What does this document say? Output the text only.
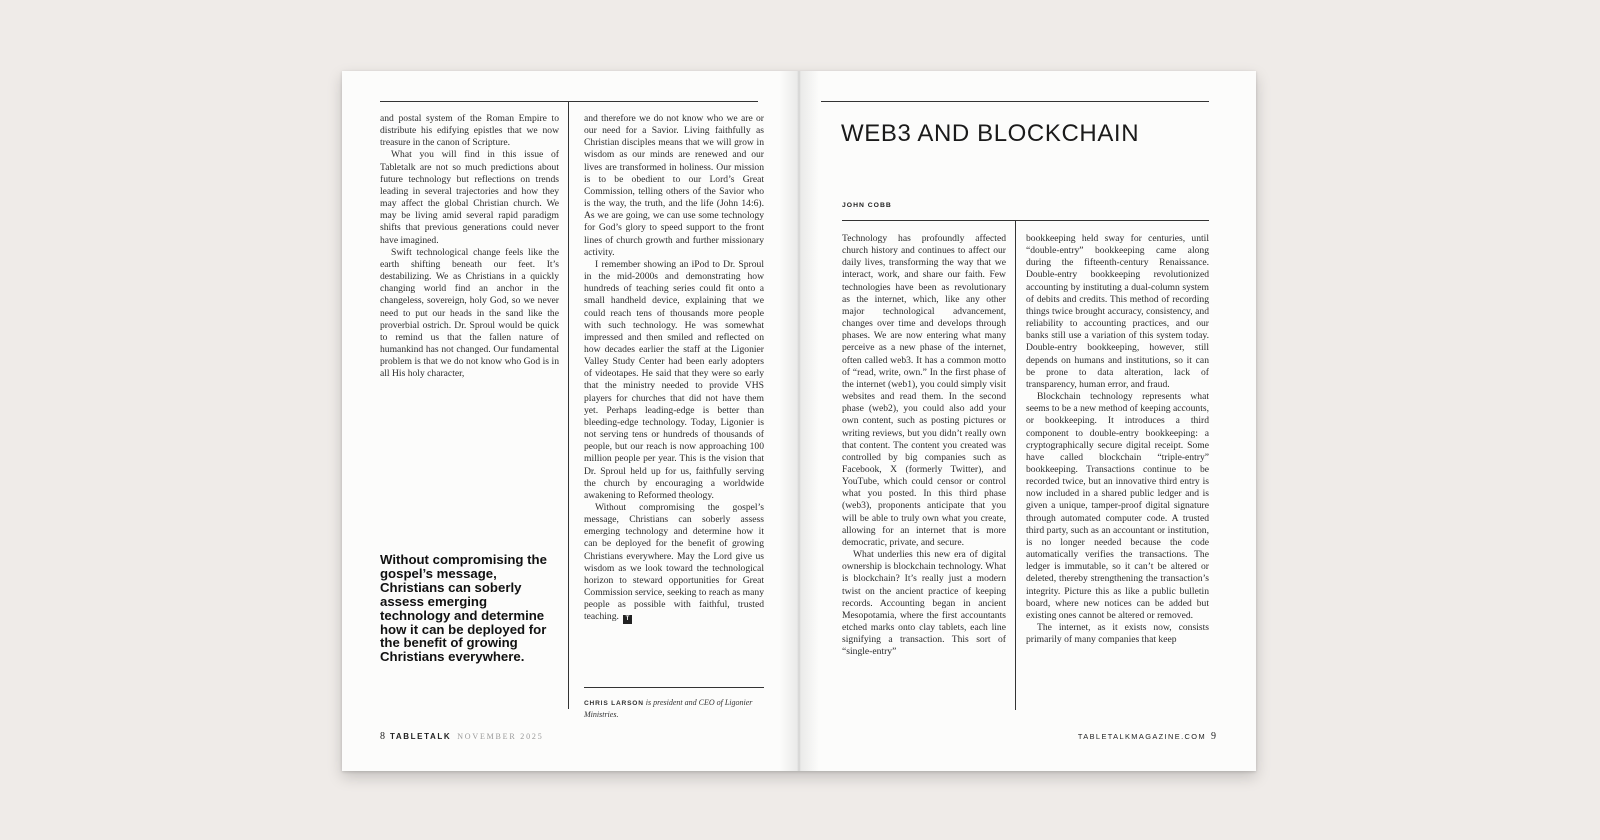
and postal system of the Roman Empire to distribute his edifying epistles that we now treasure in the canon of Scripture.

What you will find in this issue of Tabletalk are not so much predictions about future technology but reflections on trends leading in several trajectories and how they may affect the global Christian church. We may be living amid several rapid paradigm shifts that previous generations could never have imagined.

Swift technological change feels like the earth shifting beneath our feet. It’s destabilizing. We as Christians in a quickly changing world find an anchor in the changeless, sovereign, holy God, so we never need to put our heads in the sand like the proverbial ostrich. Dr. Sproul would be quick to remind us that the fallen nature of humankind has not changed. Our fundamental problem is that we do not know who God is in all His holy character,

Without compromising the gospel’s message, Christians can soberly assess emerging technology and determine how it can be deployed for the benefit of growing Christians everywhere.

and therefore we do not know who we are or our need for a Savior. Living faithfully as Christian disciples means that we will grow in wisdom as our minds are renewed and our lives are transformed in holiness. Our mission is to be obedient to our Lord’s Great Commission, telling others of the Savior who is the way, the truth, and the life (John 14:6). As we are going, we can use some technology for God’s glory to speed support to the front lines of church growth and further missionary activity.

I remember showing an iPod to Dr. Sproul in the mid-2000s and demonstrating how hundreds of teaching series could fit onto a small handheld device, explaining that we could reach tens of thousands more people with such technology. He was somewhat impressed and then smiled and reflected on how decades earlier the staff at the Ligonier Valley Study Center had been early adopters of videotapes. He said that they were so early that the ministry needed to provide VHS players for churches that did not have them yet. Perhaps leading-edge is better than bleeding-edge technology. Today, Ligonier is not serving tens or hundreds of thousands of people, but our reach is now approaching 100 million people per year. This is the vision that Dr. Sproul held up for us, faithfully serving the church by encouraging a worldwide awakening to Reformed theology.

Without compromising the gospel’s message, Christians can soberly assess emerging technology and determine how it can be deployed for the benefit of growing Christians everywhere. May the Lord give us wisdom as we look toward the technological horizon to steward opportunities for Great Commission service, seeking to reach as many people as possible with faithful, trusted teaching. T

CHRIS LARSON is president and CEO of Ligonier Ministries.
8 TABLETALK NOVEMBER 2025
WEB3 AND BLOCKCHAIN
JOHN COBB

Technology has profoundly affected church history and continues to affect our daily lives, transforming the way that we interact, work, and share our faith. Few technologies have been as revolutionary as the internet, which, like any other major technological advancement, changes over time and develops through phases. We are now entering what many perceive as a new phase of the internet, often called web3. It has a common motto of “read, write, own.” In the first phase of the internet (web1), you could simply visit websites and read them. In the second phase (web2), you could also add your own content, such as posting pictures or writing reviews, but you didn’t really own that content. The content you created was controlled by big companies such as Facebook, X (formerly Twitter), and YouTube, which could censor or control what you posted. In this third phase (web3), proponents anticipate that you will be able to truly own what you create, allowing for an internet that is more democratic, private, and secure.

What underlies this new era of digital ownership is blockchain technology. What is blockchain? It’s really just a modern twist on the ancient practice of keeping records. Accounting began in ancient Mesopotamia, where the first accountants etched marks onto clay tablets, each line signifying a transaction. This sort of “single-entry”

bookkeeping held sway for centuries, until “double-entry” bookkeeping came along during the fifteenth-century Renaissance. Double-entry bookkeeping revolutionized accounting by instituting a dual-column system of debits and credits. This method of recording things twice brought accuracy, consistency, and reliability to accounting practices, and our banks still use a variation of this system today. Double-entry bookkeeping, however, still depends on humans and institutions, so it can be prone to data alteration, lack of transparency, human error, and fraud.

Blockchain technology represents what seems to be a new method of keeping accounts, or bookkeeping. It introduces a third component to double-entry bookkeeping: a cryptographically secure digital receipt. Some have called blockchain “triple-entry” bookkeeping. Transactions continue to be recorded twice, but an innovative third entry is now included in a shared public ledger and is given a unique, tamper-proof digital signature through automated computer code. A trusted third party, such as an accountant or institution, is no longer needed because the code automatically verifies the transactions. The ledger is immutable, so it can’t be altered or deleted, thereby strengthening the transaction’s integrity. Picture this as like a public bulletin board, where new notices can be added but existing ones cannot be altered or removed.

The internet, as it exists now, consists primarily of many companies that keep

TABLETALKMAGAZINE.COM 9
